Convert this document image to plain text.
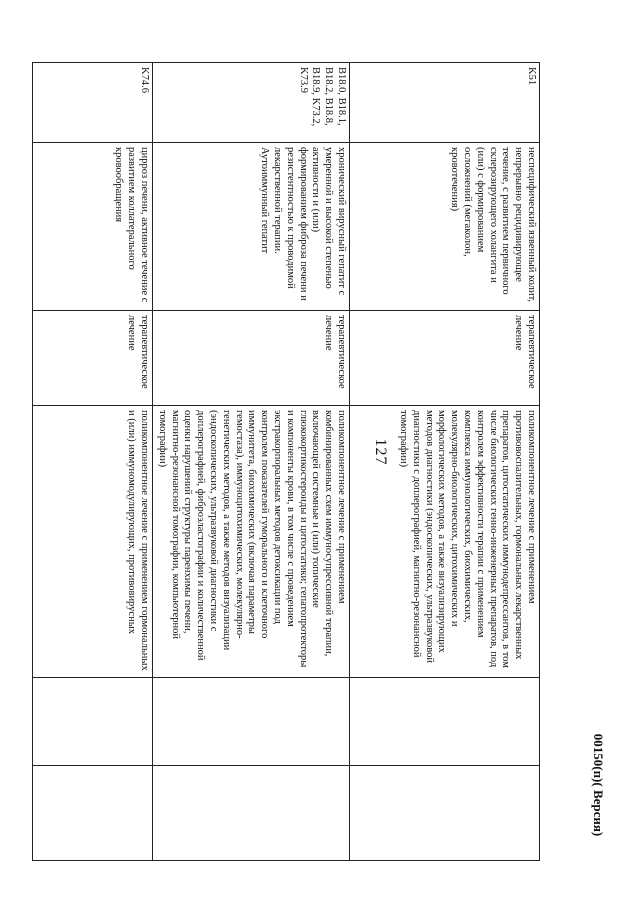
127
K51	неспецифический язвенный колит, непрерывно рецидивирующее течение, с развитием первичного склерозирующего холангита и (или) с формированием осложнений (мегаколон, кровотечения)	терапевтическое лечение	поликомпонентное лечение с применением противовоспалительных, гормональных лекарственных препаратов, цитостатических иммунодепрессантов, в том числе биологических генно-инженерных препаратов, под контролем эффективности терапии с применением комплекса иммунологических, биохимических, молекулярно-биологических, цитохимических и морфологических методов, а также визуализирующих методов диагностики (эндоскопических, ультразвуковой диагностики с доплерографией, магнитно-резонансной томографии)		
B18.0, B18.1, B18.2, B18.8, B18.9, K73.2, K73.9	хронический вирусный гепатит с умеренной и высокой степенью активности и (или) формированием фиброза печени и резистентностью к проводимой лекарственной терапии. Аутоиммунный гепатит	терапевтическое лечение	поликомпонентное лечение с применением комбинированных схем иммуносупрессивной терапии, включающей системные и (или) топические глюкокортикостероиды и цитостатики; гепатопротекторы и компоненты крови, в том числе с проведением экстракорпоральных методов детоксикации под контролем показателей гуморального и клеточного иммунитета, биохимических (включая параметры гемостаза), иммуноцитохимических, молекулярно-генетических методов, а также методов визуализации (эндоскопических, ультразвуковой диагностики с доплерографией, фиброэластографии и количественной оценки нарушений структуры паренхимы печени, магнитно-резонансной томографии, компьютерной томографии)		
K74.6	цирроз печени, активное течение с развитием коллатерального кровообращения	терапевтическое лечение	поликомпонентное лечение с применением гормональных и (или) иммуномодулирующих, противовирусных		
00150(п)( Версия)
